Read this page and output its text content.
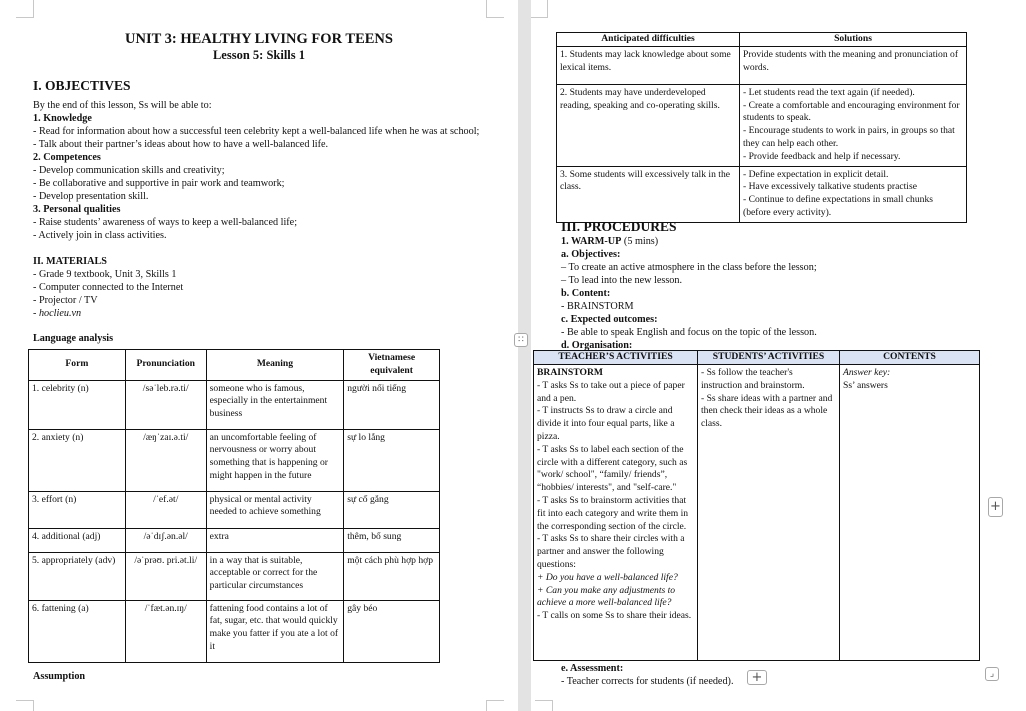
UNIT 3: HEALTHY LIVING FOR TEENS
Lesson 5: Skills 1
I. OBJECTIVES
By the end of this lesson, Ss will be able to:
1. Knowledge
- Read for information about how a successful teen celebrity kept a well-balanced life when he was at school;
- Talk about their partner’s ideas about how to have a well-balanced life.
2. Competences
- Develop communication skills and creativity;
- Be collaborative and supportive in pair work and teamwork;
- Develop presentation skill.
3. Personal qualities
- Raise students’ awareness of ways to keep a well-balanced life;
- Actively join in class activities.
II. MATERIALS
- Grade 9 textbook, Unit 3, Skills 1
- Computer connected to the Internet
- Projector / TV
- hoclieu.vn
Language analysis
Form	Pronunciation	Meaning	Vietnamese equivalent
1. celebrity (n)	/səˈleb.rə.ti/	someone who is famous, especially in the entertainment business	người nổi tiếng
2. anxiety (n)	/æŋˈzaɪ.ə.ti/	an uncomfortable feeling of nervousness or worry about something that is happening or might happen in the future	sự lo lắng
3. effort (n)	/ˈef.ət/	physical or mental activity needed to achieve something	sự cố gắng
4. additional (adj)	/əˈdɪʃ.ən.əl/	extra	thêm, bổ sung
5. appropriately (adv)	/əˈprəʊ. pri.ət.li/	in a way that is suitable, acceptable or correct for the particular circumstances	một cách phù hợp hợp
6. fattening (a)	/ˈfæt.ən.ɪŋ/	fattening food contains a lot of fat, sugar, etc. that would quickly make you fatter if you ate a lot of it	gây béo
Assumption
Anticipated difficulties	Solutions
1. Students may lack knowledge about some lexical items.	Provide students with the meaning and pronunciation of words.

2. Students may have underdeveloped reading, speaking and co-operating skills.	- Let students read the text again (if needed).
- Create a comfortable and encouraging environment for students to speak.
- Encourage students to work in pairs, in groups so that they can help each other.
- Provide feedback and help if necessary.

3. Some students will excessively talk in the class.	- Define expectation in explicit detail.
- Have excessively talkative students practise
- Continue to define expectations in small chunks (before every activity).
III. PROCEDURES
1. WARM-UP (5 mins)
a. Objectives:
– To create an active atmosphere in the class before the lesson;
– To lead into the new lesson.
b. Content:
- BRAINSTORM
c. Expected outcomes:
- Be able to speak English and focus on the topic of the lesson.
d. Organisation:
∷
TEACHER’S ACTIVITIES	STUDENTS’ ACTIVITIES	CONTENTS

BRAINSTORM
- T asks Ss to take out a piece of paper and a pen.
- T instructs Ss to draw a circle and divide it into four equal parts, like a pizza.
- T asks Ss to label each section of the circle with a different category, such as "work/ school", “family/ friends”, “hobbies/ interests", and "self-care."
- T asks Ss to brainstorm activities that fit into each category and write them in the corresponding section of the circle.
- T asks Ss to share their circles with a partner and answer the following questions:
+ Do you have a well-balanced life?
+ Can you make any adjustments to achieve a more well-balanced life?
- T calls on some Ss to share their ideas.

- Ss follow the teacher's instruction and brainstorm.
- Ss share ideas with a partner and then check their ideas as a whole class.

Answer key:
Ss’ answers
e. Assessment:
- Teacher corrects for students (if needed).	+
+
⌟
